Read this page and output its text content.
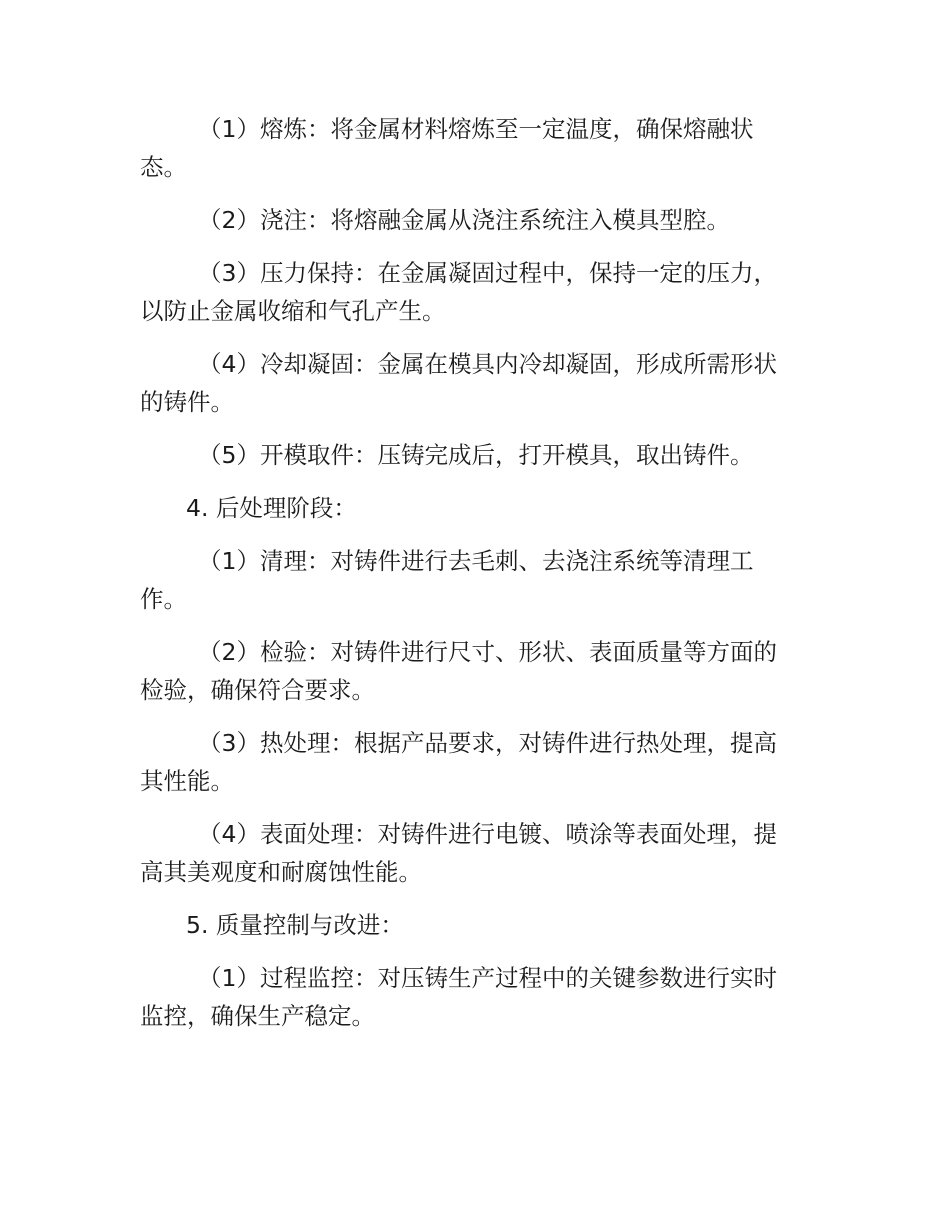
（1）熔炼：将金属材料熔炼至一定温度，确保熔融状态。

（2）浇注：将熔融金属从浇注系统注入模具型腔。

（3）压力保持：在金属凝固过程中，保持一定的压力，以防止金属收缩和气孔产生。

（4）冷却凝固：金属在模具内冷却凝固，形成所需形状的铸件。

（5）开模取件：压铸完成后，打开模具，取出铸件。

4. 后处理阶段：

（1）清理：对铸件进行去毛刺、去浇注系统等清理工作。

（2）检验：对铸件进行尺寸、形状、表面质量等方面的检验，确保符合要求。

（3）热处理：根据产品要求，对铸件进行热处理，提高其性能。

（4）表面处理：对铸件进行电镀、喷涂等表面处理，提高其美观度和耐腐蚀性能。

5. 质量控制与改进：

（1）过程监控：对压铸生产过程中的关键参数进行实时监控，确保生产稳定。
